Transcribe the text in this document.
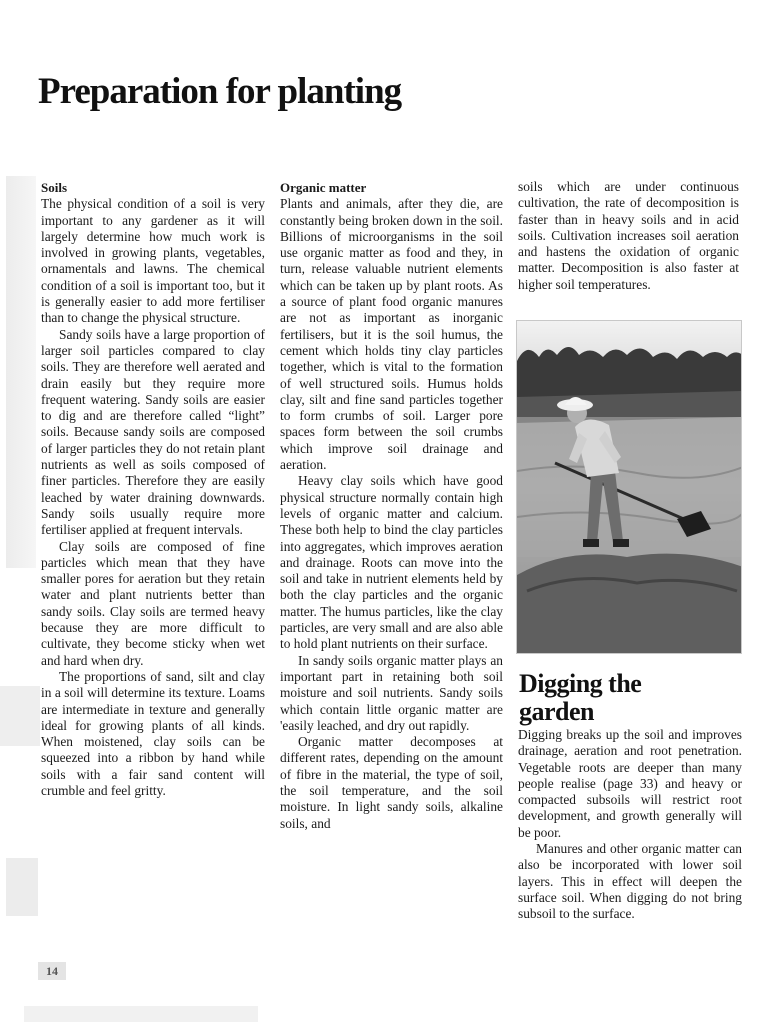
Preparation for planting
Soils

The physical condition of a soil is very important to any gardener as it will largely determine how much work is involved in growing plants, vegetables, ornamentals and lawns. The chemical condition of a soil is important too, but it is generally easier to add more fertiliser than to change the physical structure.

Sandy soils have a large proportion of larger soil particles compared to clay soils. They are therefore well aerated and drain easily but they require more frequent watering. Sandy soils are easier to dig and are therefore called “light” soils. Because sandy soils are composed of larger particles they do not retain plant nutrients as well as soils composed of finer particles. Therefore they are easily leached by water draining downwards. Sandy soils usually require more fertiliser applied at frequent intervals.

Clay soils are composed of fine particles which mean that they have smaller pores for aeration but they retain water and plant nutrients better than sandy soils. Clay soils are termed heavy because they are more difficult to cultivate, they become sticky when wet and hard when dry.

The proportions of sand, silt and clay in a soil will determine its texture. Loams are intermediate in texture and generally ideal for growing plants of all kinds. When moistened, clay soils can be squeezed into a ribbon by hand while soils with a fair sand content will crumble and feel gritty.

Organic matter

Plants and animals, after they die, are constantly being broken down in the soil. Billions of microorganisms in the soil use organic matter as food and they, in turn, release valuable nutrient elements which can be taken up by plant roots. As a source of plant food organic manures are not as important as inorganic fertilisers, but it is the soil humus, the cement which holds tiny clay particles together, which is vital to the formation of well structured soils. Humus holds clay, silt and fine sand particles together to form crumbs of soil. Larger pore spaces form between the soil crumbs which improve soil drainage and aeration.

Heavy clay soils which have good physical structure normally contain high levels of organic matter and calcium. These both help to bind the clay particles into aggregates, which improves aeration and drainage. Roots can move into the soil and take in nutrient elements held by both the clay particles and the organic matter. The humus particles, like the clay particles, are very small and are also able to hold plant nutrients on their surface.

In sandy soils organic matter plays an important part in retaining both soil moisture and soil nutrients. Sandy soils which contain little organic matter are 'easily leached, and dry out rapidly.

Organic matter decomposes at different rates, depending on the amount of fibre in the material, the type of soil, the soil temperature, and the soil moisture. In light sandy soils, alkaline soils, and

soils which are under continuous cultivation, the rate of decomposition is faster than in heavy soils and in acid soils. Cultivation increases soil aeration and hastens the oxidation of organic matter. Decomposition is also faster at higher soil temperatures.

Digging the garden

Digging breaks up the soil and improves drainage, aeration and root penetration. Vegetable roots are deeper than many people realise (page 33) and heavy or compacted subsoils will restrict root development, and growth generally will be poor.

Manures and other organic matter can also be incorporated with lower soil layers. This in effect will deepen the surface soil. When digging do not bring subsoil to the surface.

14
